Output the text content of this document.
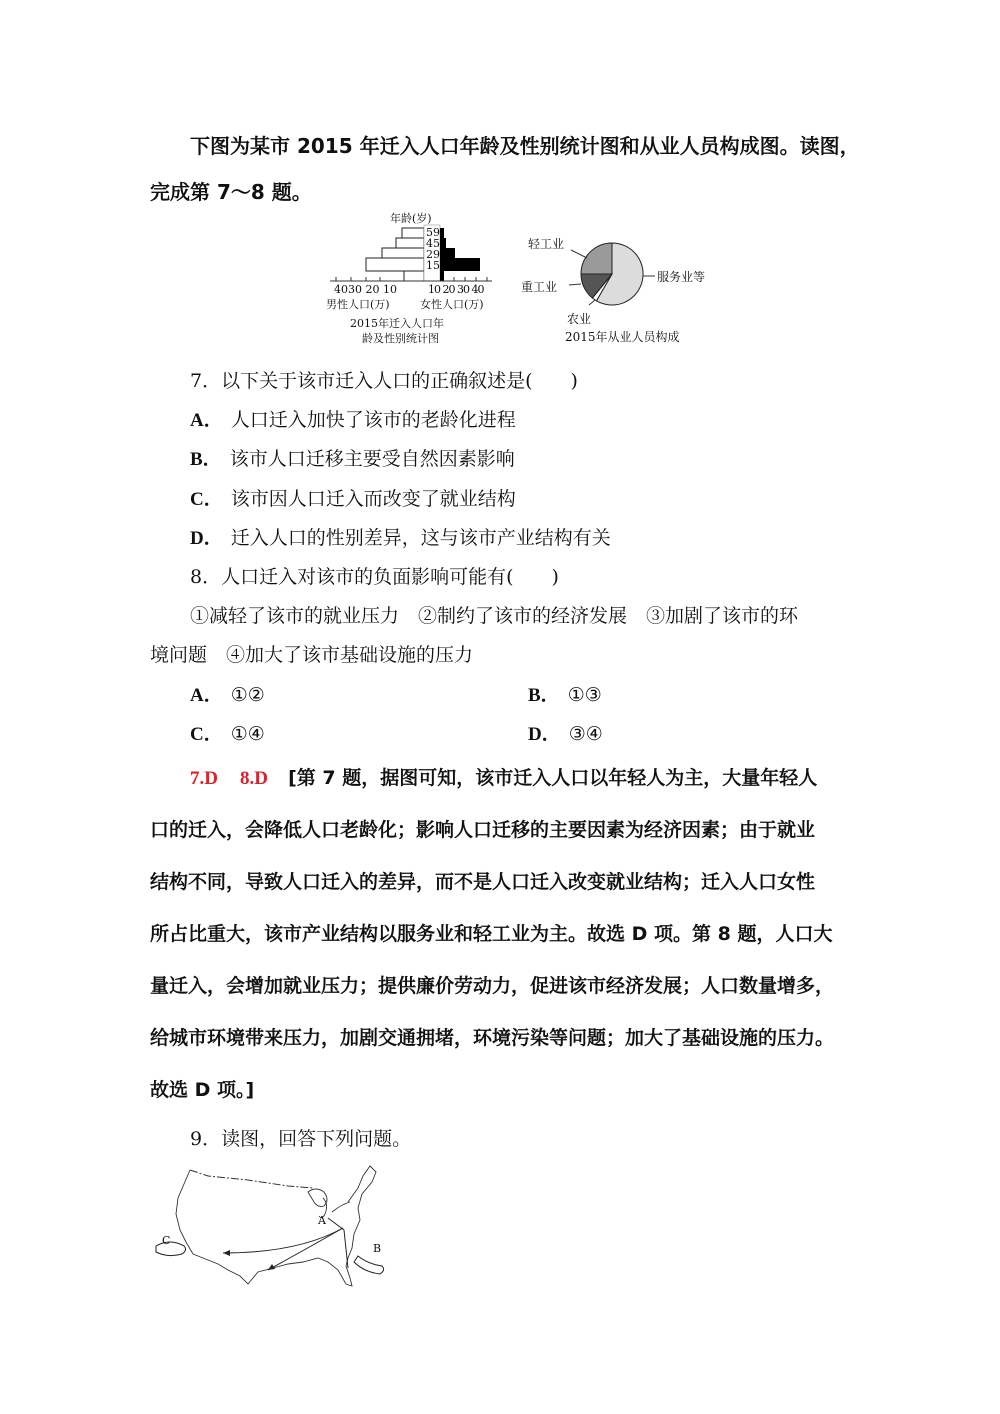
下图为某市 2015 年迁入人口年龄及性别统计图和从业人员构成图。读图，
完成第 7～8 题。
年龄(岁)
59
45
29
15
4030 20 10	10 20 30 40
男性人口(万)	女性人口(万)
2015年迁入人口年
龄及性别统计图
轻工业
重工业
农业
服务业等
2015年从业人员构成
7．以下关于该市迁入人口的正确叙述是(　　)
A． 人口迁入加快了该市的老龄化进程
B． 该市人口迁移主要受自然因素影响
C． 该市因人口迁入而改变了就业结构
D． 迁入人口的性别差异，这与该市产业结构有关
8．人口迁入对该市的负面影响可能有(　　)
①减轻了该市的就业压力　②制约了该市的经济发展　③加剧了该市的环
境问题　④加大了该市基础设施的压力
A． ①②	B． ①③
C． ①④	D． ③④
7.D 8.D [第 7 题，据图可知，该市迁入人口以年轻人为主，大量年轻人
口的迁入，会降低人口老龄化；影响人口迁移的主要因素为经济因素；由于就业
结构不同，导致人口迁入的差异，而不是人口迁入改变就业结构；迁入人口女性
所占比重大，该市产业结构以服务业和轻工业为主。故选 D 项。第 8 题，人口大
量迁入，会增加就业压力；提供廉价劳动力，促进该市经济发展；人口数量增多，
给城市环境带来压力，加剧交通拥堵，环境污染等问题；加大了基础设施的压力。
故选 D 项。]
9．读图，回答下列问题。
A
B
C
